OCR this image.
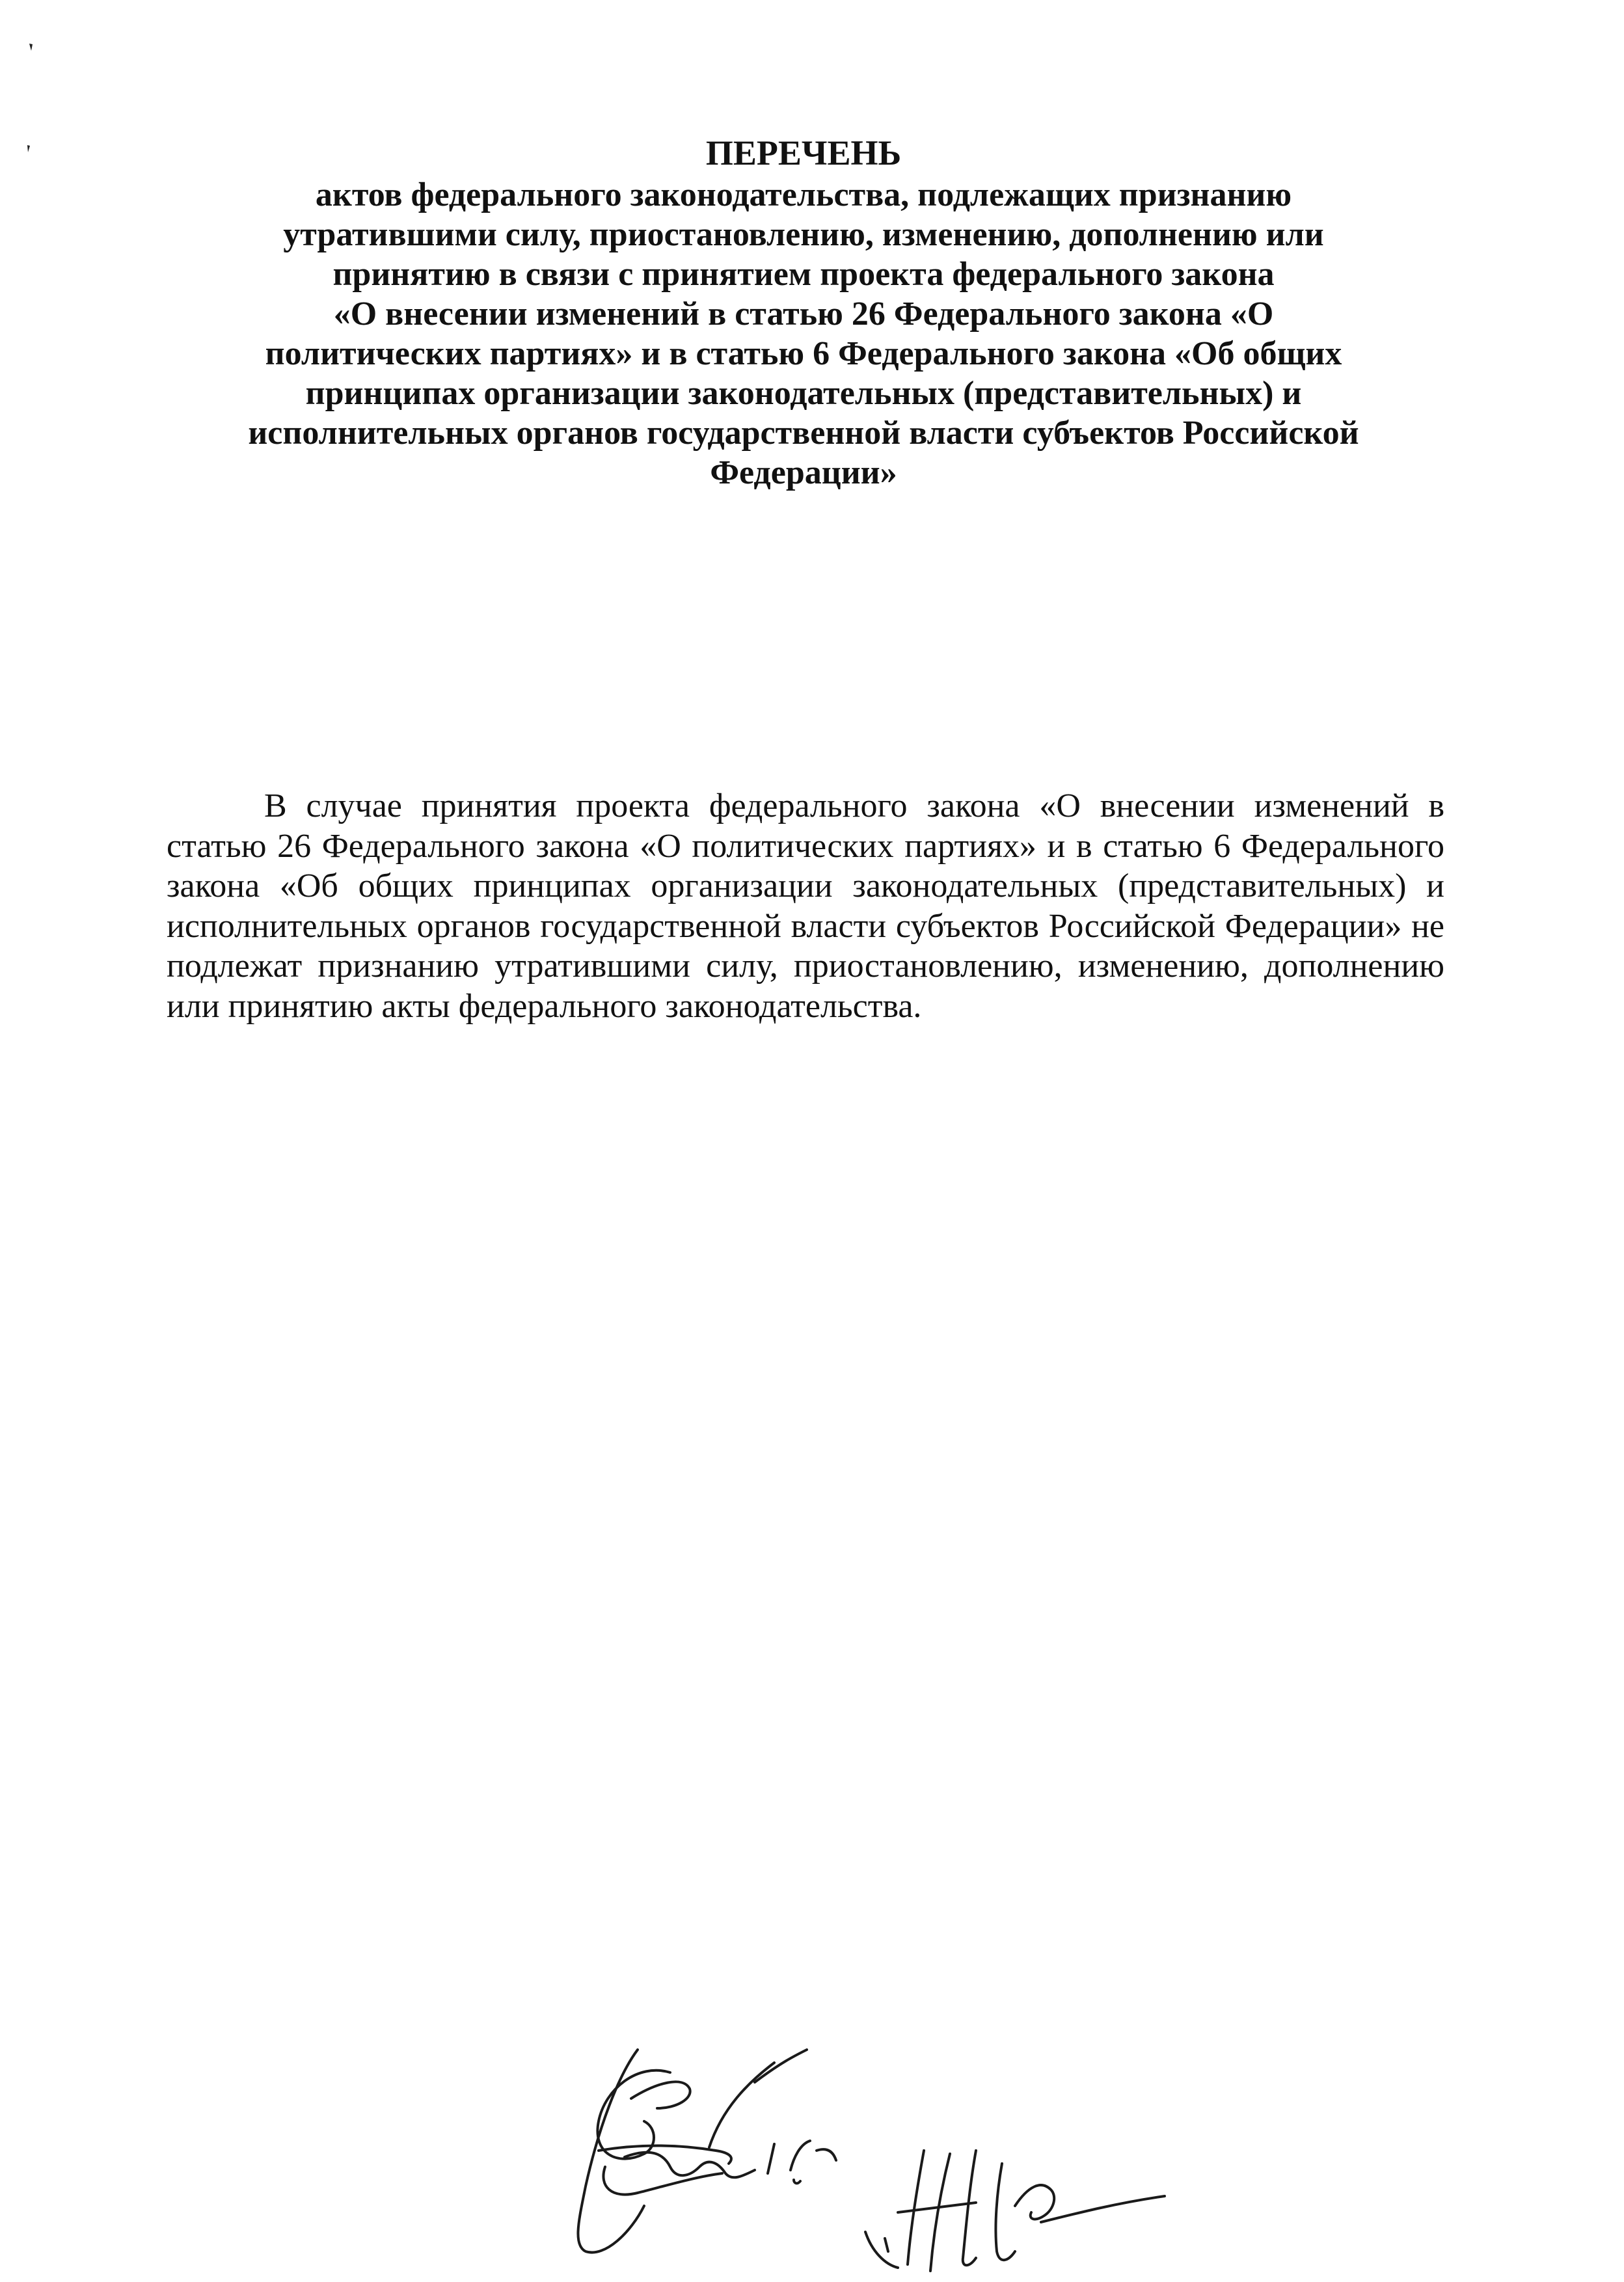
ПЕРЕЧЕНЬ
актов федерального законодательства, подлежащих признанию
утратившими силу, приостановлению, изменению, дополнению или
принятию в связи с принятием проекта федерального закона
«О внесении изменений в статью 26 Федерального закона «О
политических партиях» и в статью 6 Федерального закона «Об общих
принципах организации законодательных (представительных) и
исполнительных органов государственной власти субъектов Российской
Федерации»

В случае принятия проекта федерального закона «О внесении изменений в статью 26 Федерального закона «О политических партиях» и в статью 6 Федерального закона «Об общих принципах организации законодательных (представительных) и исполнительных органов государственной власти субъектов Российской Федерации» не подлежат признанию утратившими силу, приостановлению, изменению, дополнению или принятию акты федерального законодательства.
